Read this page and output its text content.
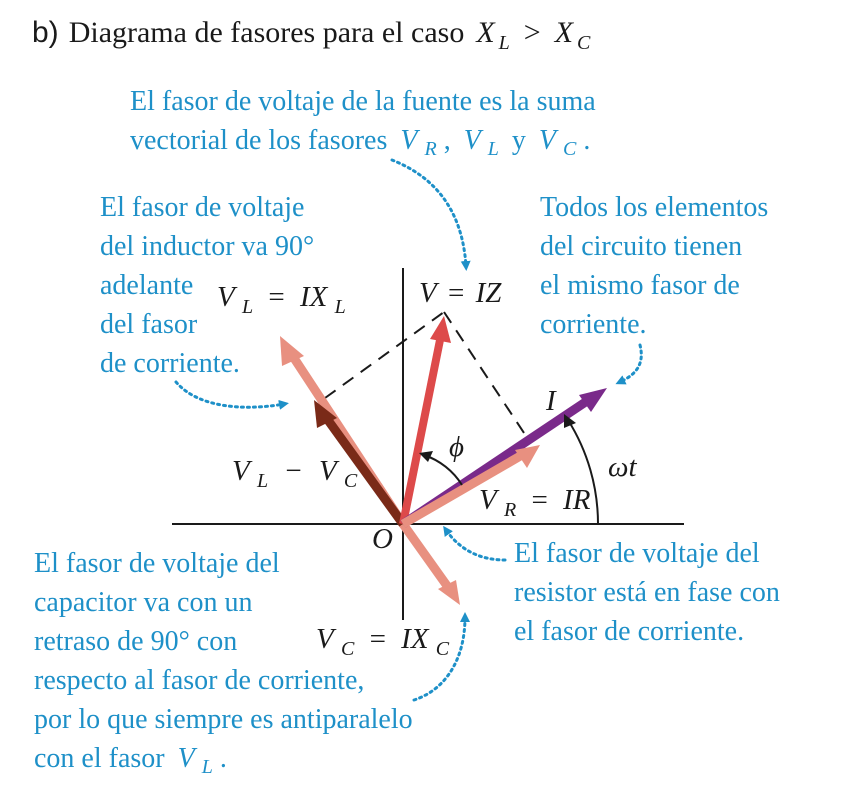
b) Diagrama de fasores para el caso X L > X C
O
ϕ
ωt
I
V = IZ
V $_L$ = IX $_L$
V $_L$ − V $_C$
V $_R$ = IR
V $_C$ = IX $_C$
El fasor de voltaje de la fuente es la suma
vectorial de los fasores V $_R$ , V $_L$ y V $_C$ .
El fasor de voltaje
del inductor va 90°
adelante
del fasor
de corriente.
Todos los elementos
del circuito tienen
el mismo fasor de
corriente.
El fasor de voltaje del
resistor está en fase con
el fasor de corriente.
El fasor de voltaje del
capacitor va con un
retraso de 90° con
respecto al fasor de corriente,
por lo que siempre es antiparalelo
con el fasor V $_L$ .
